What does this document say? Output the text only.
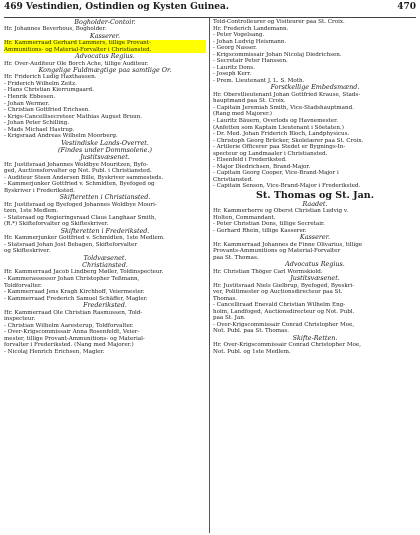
469 Vestindien, Ostindien og Kysten Guinea.	470
Bogholder-Contoir.
Hr. Johannes Beverhous, Bogholder.
Kasserer.
Hr. Kammerraad Gerhard Lammers, tillige Provant-
Ammunitions- og Material-Forvalter i Christiansted.
Advocatus Regius.
Hr. Over-Auditeur Ole Borch Ache, tillige Auditeur.
Kongelige Fuldmægtige paa samtlige Or.
Hr. Friderich Ludig Haxthausen.
- Friderich Wilhelm Zeitz.
- Hans Christian Kierrumgaard.
- Henrik Ebbesen.
- Johan Wermer.
- Christian Gottfried Erichsen.
- Krigs-Cancellisecreteer Mathias August Bruun.
- Johan Peter Schilling.
- Mads Michael Hastrup.
- Krigsraad Andreas Wilhelm Moorberg.
Vestindiske Lands-Overret.
(Findes under Dommsolene.)
Justitsvæsenet.
Hr. Justitsraad Johannes Woldbye Mouritzen, Byfo-
ged, Auctionsforvalter og Not. Publ. i Christiansted.
- Auditeur Steen Andersen Bille, Byskriver sammesteds.
- Kammerjunker Gottfried v. Schmidten, Byefoged og
Byskriver i Frederiksted.
Skifteretten i Christiansted.
Hr. Justitsraad og Byefoged Johannes Woldbye Mouri-
tzen, 1ste Medlem.
- Statsraad og Regieringsraad Claus Langhaar Smith,
(R.*) Skifteforvalter og Skifteskriver.
Skifteretten i Frederiksted.
Hr. Kammerjunker Gottfried v. Schmidten, 1ste Medlem.
- Statsraad Johan Jost Behagen, Skifteforvalter
og Skifteskriver.
Toldvæsenet.
Christiansted.
Hr. Kammerraad Jacob Lindberg Møller, Toldinspecteur.
- Kammerassessor Johan Christopher Teßmann,
Toldforvalter.
- Kammerraad Jens Kragh Kirchhoff, Veiermester.
- Kammerraad Frederich Samuel Schäffer, Magler.
Frederiksted.
Hr. Kammerraad Ole Christian Rasmussen, Told-
inspecteur.
- Christian Wilhelm Aaresterup, Toldforvalter.
- Over-Krigscommissair Anna Rosenfeldt, Veier-
mester, tillige Provant-Ammunitions- og Material-
forvalter i Frederiksted. (Nang med Majorer.)
- Nicolaj Henrich Erichsen, Magler.
Told-Controlleurer og Visiteurer paa St. Croix.
Hr. Frederich Landemann.
- Peter Vogelsang.
- Johan Ludvig Heismann.
- Georg Nasser.
- Krigscommissair Johan Nicolaj Diedrichsen.
- Secretair Peter Hanssen.
- Lauritz Dons.
- Joseph Kerr.
- Prem. Lieutenant J. L. S. Moth.
Forstkellige Embedsmænd.
Hr. Oberstlieutenant Johan Gottfried Krause, Stads-
hauptmand paa St. Croix.
- Capitain Jeremiah Smith, Vice-Stadshauptmand.
(Rang med Majorer.)
- Lauritz Bäuern, Overlods og Havnemester.
(Anfetten som Kaptain Lieutenant i Söetaten.)
- Dr. Med. Johan Friderich Bloch, Landphysicus.
- Christoph Georg Brücker, Skolelærer paa St. Croix.
- Artilerie Officerer paa Stedet er Bygnings-In-
specteur og Landmaaler i Christiansted.
- Elsenfeld i Frederiksted.
- Major Diedrichsen, Brand-Major.
- Capitain Georg Cooper, Vice-Brand-Major i
Christiansted.
- Capitain Senson, Vice-Brand-Major i Frederiksted.
St. Thomas og St. Jan.
Raadet.
Hr. Kammerherre og Oberst Christian Ludvig v.
Holten, Commandant.
- Peter Christian Dons, tillige Secretair.
- Gerhard Rhein, tillige Kasserer.
Kasserer.
Hr. Kammerraad Johannes de Finne Olivarius, tillige
Provants-Ammunitions og Material-Forvalter
paa St. Thomas.
Advocatus Regius.
Hr. Christian Thöger Carl Wormskiold.
Justitsvæsenet.
Hr. Justitsraad Niels Gielbrup, Byefoged, Byeskri-
ver, Politimester og Auctionsdirecteur paa St.
Thomas.
- Cancelliraad Enevald Christian Wilhelm Eng-
holm, Landfoged, Auctionsdirecteur og Not. Publ.
paa St. Jan.
- Over-Krigscommissair Conrad Christopher Moe,
Not. Publ. paa St. Thomas.
Skifte-Retten.
Hr. Over-Krigscommissair Conrad Christopher Moe,
Not. Publ. og 1ste Medlem.
